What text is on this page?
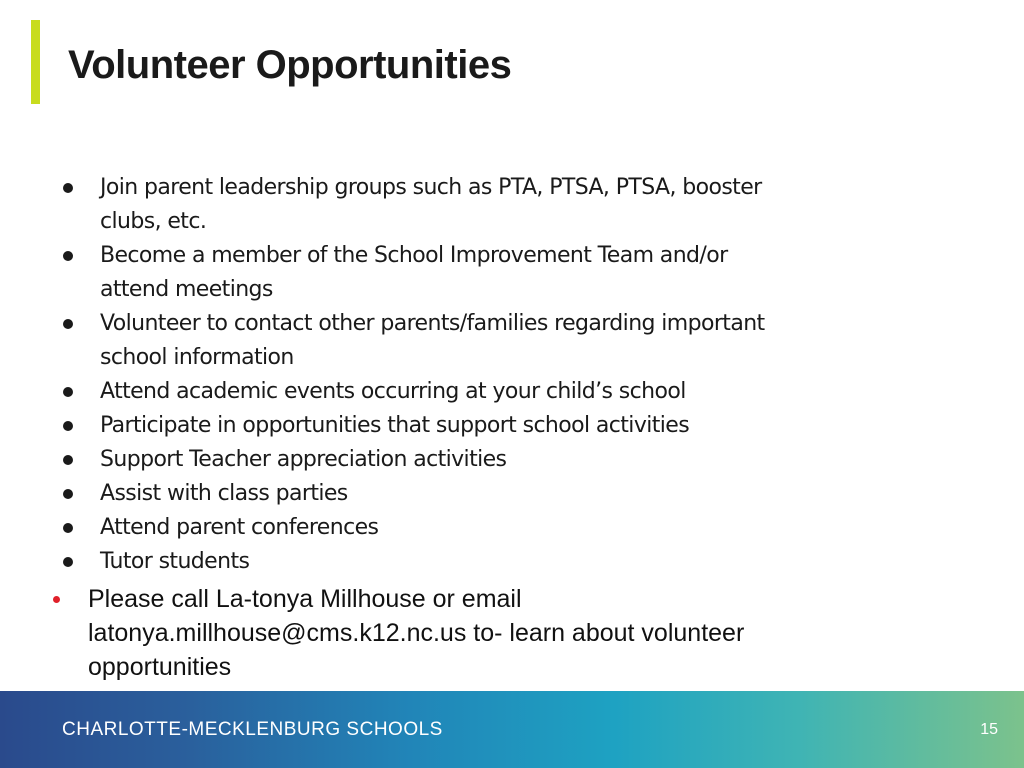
Volunteer Opportunities
Join parent leadership groups such as PTA, PTSA, PTSA, booster
clubs, etc.
Become a member of the School Improvement Team and/or
attend meetings
Volunteer to contact other parents/families regarding important
school information
Attend academic events occurring at your child’s school
Participate in opportunities that support school activities
Support Teacher appreciation activities
Assist with class parties
Attend parent conferences
Tutor students

Please call La-tonya Millhouse or email
latonya.millhouse@cms.k12.nc.us to- learn about volunteer
opportunities

CHARLOTTE-MECKLENBURG SCHOOLS	15
